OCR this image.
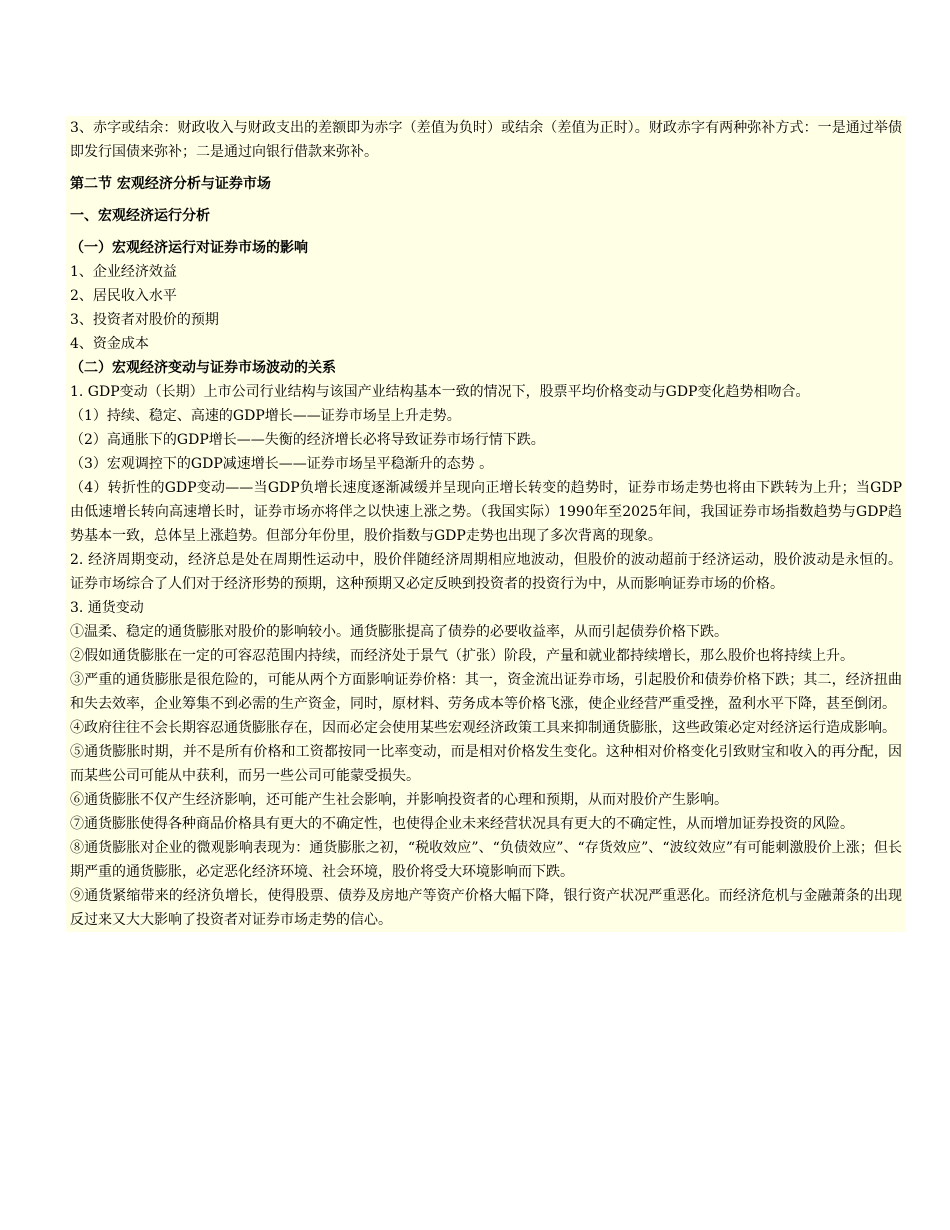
3、赤字或结余：财政收入与财政支出的差额即为赤字（差值为负时）或结余（差值为正时）。财政赤字有两种弥补方式：一是通过举债即发行国债来弥补；二是通过向银行借款来弥补。

第二节 宏观经济分析与证券市场

一、宏观经济运行分析

（一）宏观经济运行对证券市场的影响

1、企业经济效益

2、居民收入水平

3、投资者对股价的预期

4、资金成本

（二）宏观经济变动与证券市场波动的关系

1. GDP变动（长期）上市公司行业结构与该国产业结构基本一致的情况下，股票平均价格变动与GDP变化趋势相吻合。

（1）持续、稳定、高速的GDP增长——证券市场呈上升走势。

（2）高通胀下的GDP增长——失衡的经济增长必将导致证券市场行情下跌。

（3）宏观调控下的GDP减速增长——证券市场呈平稳渐升的态势 。

（4）转折性的GDP变动——当GDP负增长速度逐渐减缓并呈现向正增长转变的趋势时，证券市场走势也将由下跌转为上升；当GDP由低速增长转向高速增长时，证券市场亦将伴之以快速上涨之势。（我国实际）1990年至2025年间，我国证券市场指数趋势与GDP趋势基本一致，总体呈上涨趋势。但部分年份里，股价指数与GDP走势也出现了多次背离的现象。

2. 经济周期变动，经济总是处在周期性运动中，股价伴随经济周期相应地波动，但股价的波动超前于经济运动，股价波动是永恒的。 证券市场综合了人们对于经济形势的预期，这种预期又必定反映到投资者的投资行为中，从而影响证券市场的价格。

3. 通货变动

①温柔、稳定的通货膨胀对股价的影响较小。通货膨胀提高了债券的必要收益率，从而引起债券价格下跌。

②假如通货膨胀在一定的可容忍范围内持续，而经济处于景气（扩张）阶段，产量和就业都持续增长，那么股价也将持续上升。

③严重的通货膨胀是很危险的，可能从两个方面影响证券价格：其一，资金流出证券市场，引起股价和债券价格下跌；其二，经济扭曲和失去效率，企业筹集不到必需的生产资金，同时，原材料、劳务成本等价格飞涨，使企业经营严重受挫，盈利水平下降，甚至倒闭。

④政府往往不会长期容忍通货膨胀存在，因而必定会使用某些宏观经济政策工具来抑制通货膨胀，这些政策必定对经济运行造成影响。

⑤通货膨胀时期，并不是所有价格和工资都按同一比率变动，而是相对价格发生变化。这种相对价格变化引致财宝和收入的再分配，因而某些公司可能从中获利，而另一些公司可能蒙受损失。

⑥通货膨胀不仅产生经济影响，还可能产生社会影响，并影响投资者的心理和预期，从而对股价产生影响。

⑦通货膨胀使得各种商品价格具有更大的不确定性，也使得企业未来经营状况具有更大的不确定性，从而增加证券投资的风险。

⑧通货膨胀对企业的微观影响表现为：通货膨胀之初，“税收效应”、“负债效应”、“存货效应”、“波纹效应”有可能刺激股价上涨；但长期严重的通货膨胀，必定恶化经济环境、社会环境，股价将受大环境影响而下跌。

⑨通货紧缩带来的经济负增长，使得股票、债券及房地产等资产价格大幅下降，银行资产状况严重恶化。而经济危机与金融萧条的出现反过来又大大影响了投资者对证券市场走势的信心。
